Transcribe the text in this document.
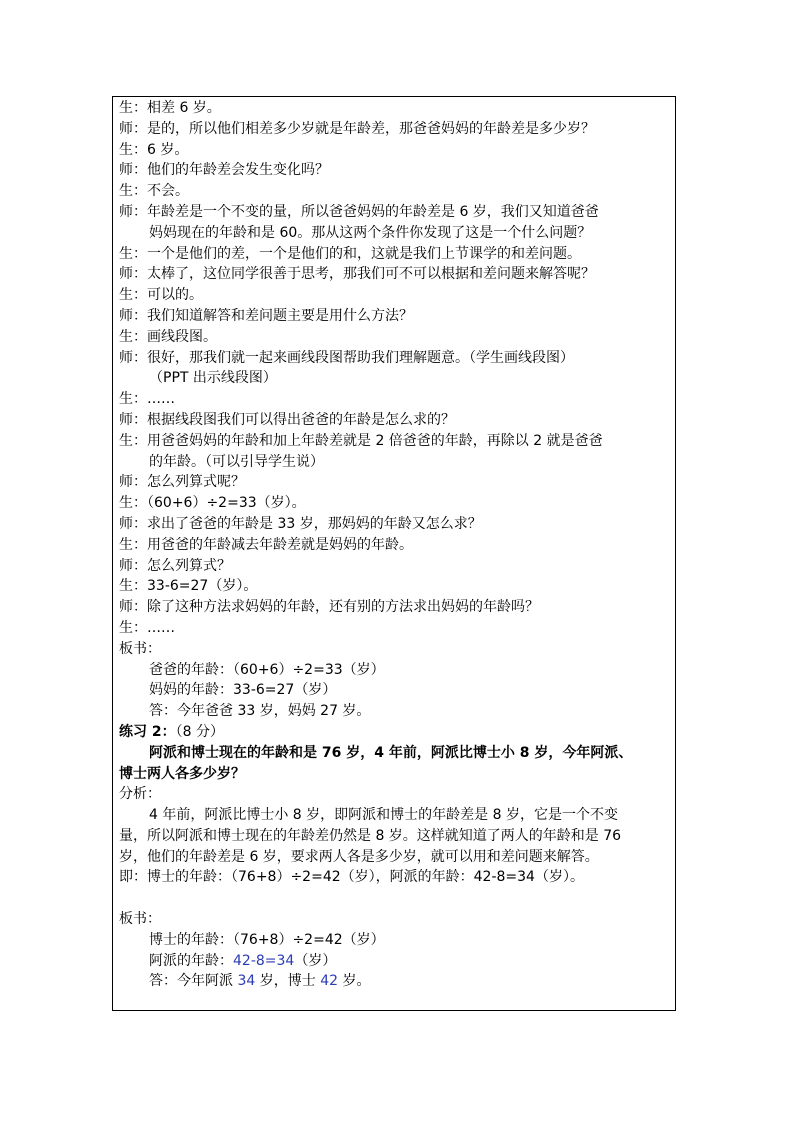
生：相差 6 岁。
师：是的，所以他们相差多少岁就是年龄差，那爸爸妈妈的年龄差是多少岁？
生：6 岁。
师：他们的年龄差会发生变化吗？
生：不会。
师：年龄差是一个不变的量，所以爸爸妈妈的年龄差是 6 岁，我们又知道爸爸
妈妈现在的年龄和是 60。那从这两个条件你发现了这是一个什么问题？
生：一个是他们的差，一个是他们的和，这就是我们上节课学的和差问题。
师：太棒了，这位同学很善于思考，那我们可不可以根据和差问题来解答呢？
生：可以的。
师：我们知道解答和差问题主要是用什么方法？
生：画线段图。
师：很好，那我们就一起来画线段图帮助我们理解题意。（学生画线段图）
（PPT 出示线段图）
生：……
师：根据线段图我们可以得出爸爸的年龄是怎么求的？
生：用爸爸妈妈的年龄和加上年龄差就是 2 倍爸爸的年龄，再除以 2 就是爸爸
的年龄。（可以引导学生说）
师：怎么列算式呢？
生：（60+6）÷2=33（岁）。
师：求出了爸爸的年龄是 33 岁，那妈妈的年龄又怎么求？
生：用爸爸的年龄减去年龄差就是妈妈的年龄。
师：怎么列算式？
生：33-6=27（岁）。
师：除了这种方法求妈妈的年龄，还有别的方法求出妈妈的年龄吗？
生：……
板书：
爸爸的年龄：（60+6）÷2=33（岁）
妈妈的年龄：33-6=27（岁）
答：今年爸爸 33 岁，妈妈 27 岁。
练习 2：（8 分）
阿派和博士现在的年龄和是 76 岁，4 年前，阿派比博士小 8 岁，今年阿派、
博士两人各多少岁？
分析：
4 年前，阿派比博士小 8 岁，即阿派和博士的年龄差是 8 岁，它是一个不变
量，所以阿派和博士现在的年龄差仍然是 8 岁。这样就知道了两人的年龄和是 76
岁，他们的年龄差是 6 岁，要求两人各是多少岁，就可以用和差问题来解答。
即：博士的年龄：（76+8）÷2=42（岁），阿派的年龄：42-8=34（岁）。
板书：
博士的年龄：（76+8）÷2=42（岁）
阿派的年龄：42-8=34（岁）
答：今年阿派 34 岁，博士 42 岁。
